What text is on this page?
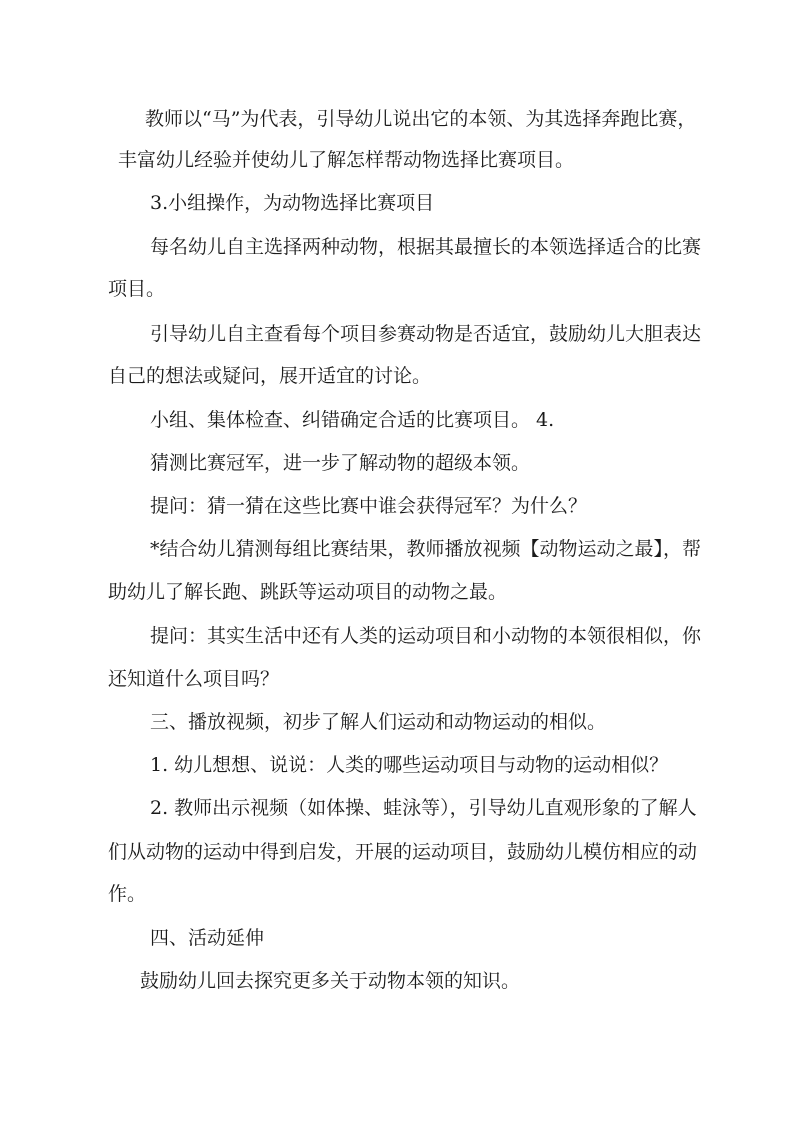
教师以“马”为代表，引导幼儿说出它的本领、为其选择奔跑比赛，
丰富幼儿经验并使幼儿了解怎样帮动物选择比赛项目。
3.小组操作，为动物选择比赛项目
每名幼儿自主选择两种动物，根据其最擅长的本领选择适合的比赛
项目。
引导幼儿自主查看每个项目参赛动物是否适宜，鼓励幼儿大胆表达
自己的想法或疑问，展开适宜的讨论。
小组、集体检查、纠错确定合适的比赛项目。 4.
猜测比赛冠军，进一步了解动物的超级本领。
提问：猜一猜在这些比赛中谁会获得冠军？为什么？
*结合幼儿猜测每组比赛结果，教师播放视频【动物运动之最】，帮
助幼儿了解长跑、跳跃等运动项目的动物之最。
提问：其实生活中还有人类的运动项目和小动物的本领很相似，你
还知道什么项目吗？
三、播放视频，初步了解人们运动和动物运动的相似。
1. 幼儿想想、说说：人类的哪些运动项目与动物的运动相似？
2. 教师出示视频（如体操、蛙泳等），引导幼儿直观形象的了解人
们从动物的运动中得到启发，开展的运动项目，鼓励幼儿模仿相应的动
作。
四、活动延伸
鼓励幼儿回去探究更多关于动物本领的知识。
